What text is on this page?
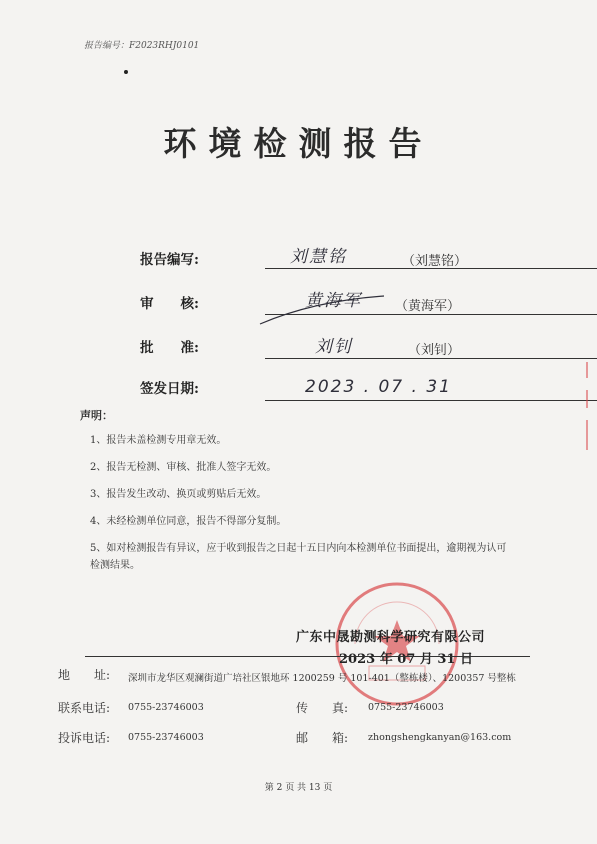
报告编号：F2023RHJ0101
环境检测报告
报告编写:	刘慧铭	（刘慧铭）
审　　核:	黄海军	（黄海军）
批　　准:	刘钊	（刘钊）
签发日期:	2023 . 07 . 31
声明：
1、报告未盖检测专用章无效。
2、报告无检测、审核、批准人签字无效。
3、报告发生改动、换页或剪贴后无效。
4、未经检测单位同意，报告不得部分复制。
5、如对检测报告有异议，应于收到报告之日起十五日内向本检测单位书面提出，逾期视为认可检测结果。
广东中晟勘测科学研究有限公司
2023 年 07 月 31 日
地　　址: 深圳市龙华区观澜街道广培社区银地环 1200259 号 101-401（整栋楼）、1200357 号整栋
联系电话: 0755-23746003	传　　真: 0755-23746003
投诉电话: 0755-23746003	邮　　箱: zhongshengkanyan@163.com
第 2 页 共 13 页
